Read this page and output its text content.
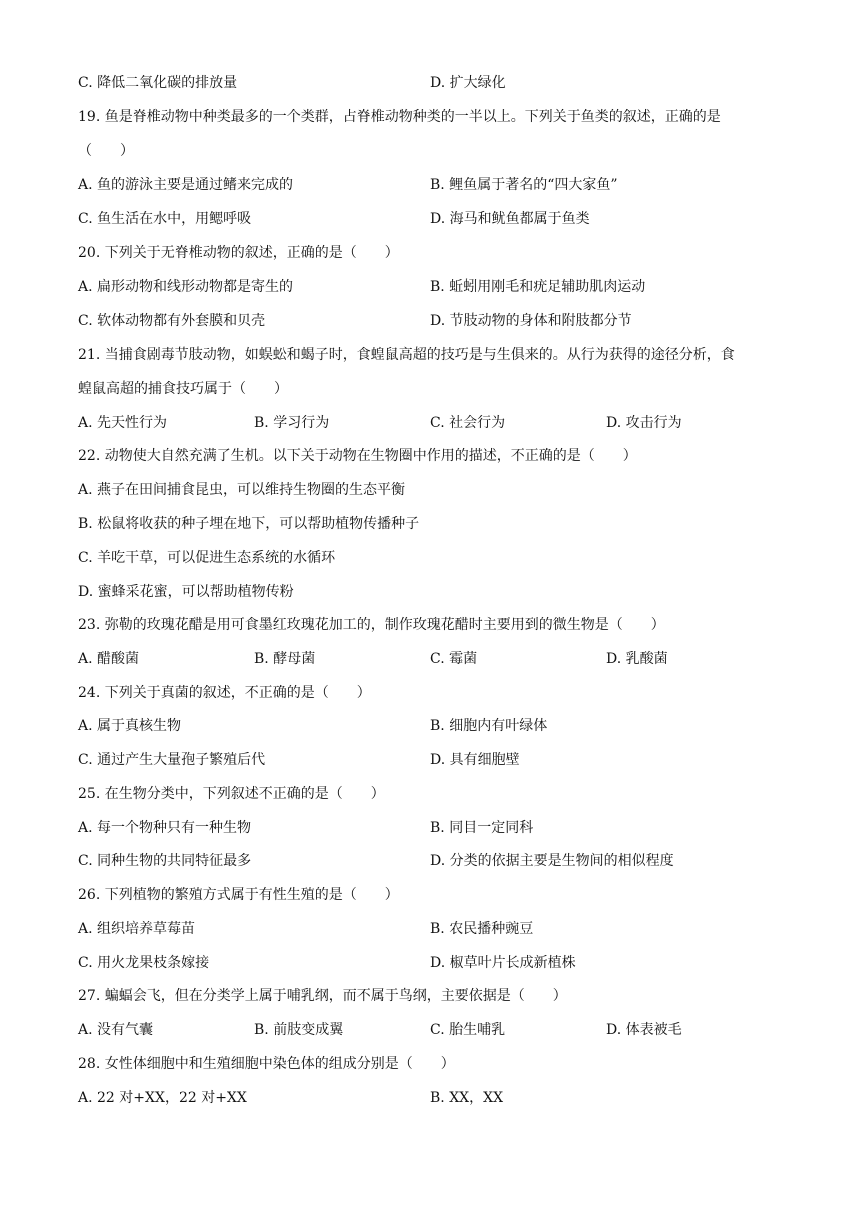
C. 降低二氧化碳的排放量	D. 扩大绿化
19. 鱼是脊椎动物中种类最多的一个类群，占脊椎动物种类的一半以上。下列关于鱼类的叙述，正确的是
（　　）
A. 鱼的游泳主要是通过鳍来完成的	B. 鲤鱼属于著名的“四大家鱼”
C. 鱼生活在水中，用鳃呼吸	D. 海马和鱿鱼都属于鱼类
20. 下列关于无脊椎动物的叙述，正确的是（　　）
A. 扁形动物和线形动物都是寄生的	B. 蚯蚓用刚毛和疣足辅助肌肉运动
C. 软体动物都有外套膜和贝壳	D. 节肢动物的身体和附肢都分节
21. 当捕食剧毒节肢动物，如蜈蚣和蝎子时，食蝗鼠高超的技巧是与生俱来的。从行为获得的途径分析，食
蝗鼠高超的捕食技巧属于（　　）
A. 先天性行为	B. 学习行为	C. 社会行为	D. 攻击行为
22. 动物使大自然充满了生机。以下关于动物在生物圈中作用的描述，不正确的是（　　）
A. 燕子在田间捕食昆虫，可以维持生物圈的生态平衡
B. 松鼠将收获的种子埋在地下，可以帮助植物传播种子
C. 羊吃干草，可以促进生态系统的水循环
D. 蜜蜂采花蜜，可以帮助植物传粉
23. 弥勒的玫瑰花醋是用可食墨红玫瑰花加工的，制作玫瑰花醋时主要用到的微生物是（　　）
A. 醋酸菌	B. 酵母菌	C. 霉菌	D. 乳酸菌
24. 下列关于真菌的叙述，不正确的是（　　）
A. 属于真核生物	B. 细胞内有叶绿体
C. 通过产生大量孢子繁殖后代	D. 具有细胞壁
25. 在生物分类中，下列叙述不正确的是（　　）
A. 每一个物种只有一种生物	B. 同目一定同科
C. 同种生物的共同特征最多	D. 分类的依据主要是生物间的相似程度
26. 下列植物的繁殖方式属于有性生殖的是（　　）
A. 组织培养草莓苗	B. 农民播种豌豆
C. 用火龙果枝条嫁接	D. 椒草叶片长成新植株
27. 蝙蝠会飞，但在分类学上属于哺乳纲，而不属于鸟纲，主要依据是（　　）
A. 没有气囊	B. 前肢变成翼	C. 胎生哺乳	D. 体表被毛
28. 女性体细胞中和生殖细胞中染色体的组成分别是（　　）
A. 22 对+XX，22 对+XX	B. XX，XX
